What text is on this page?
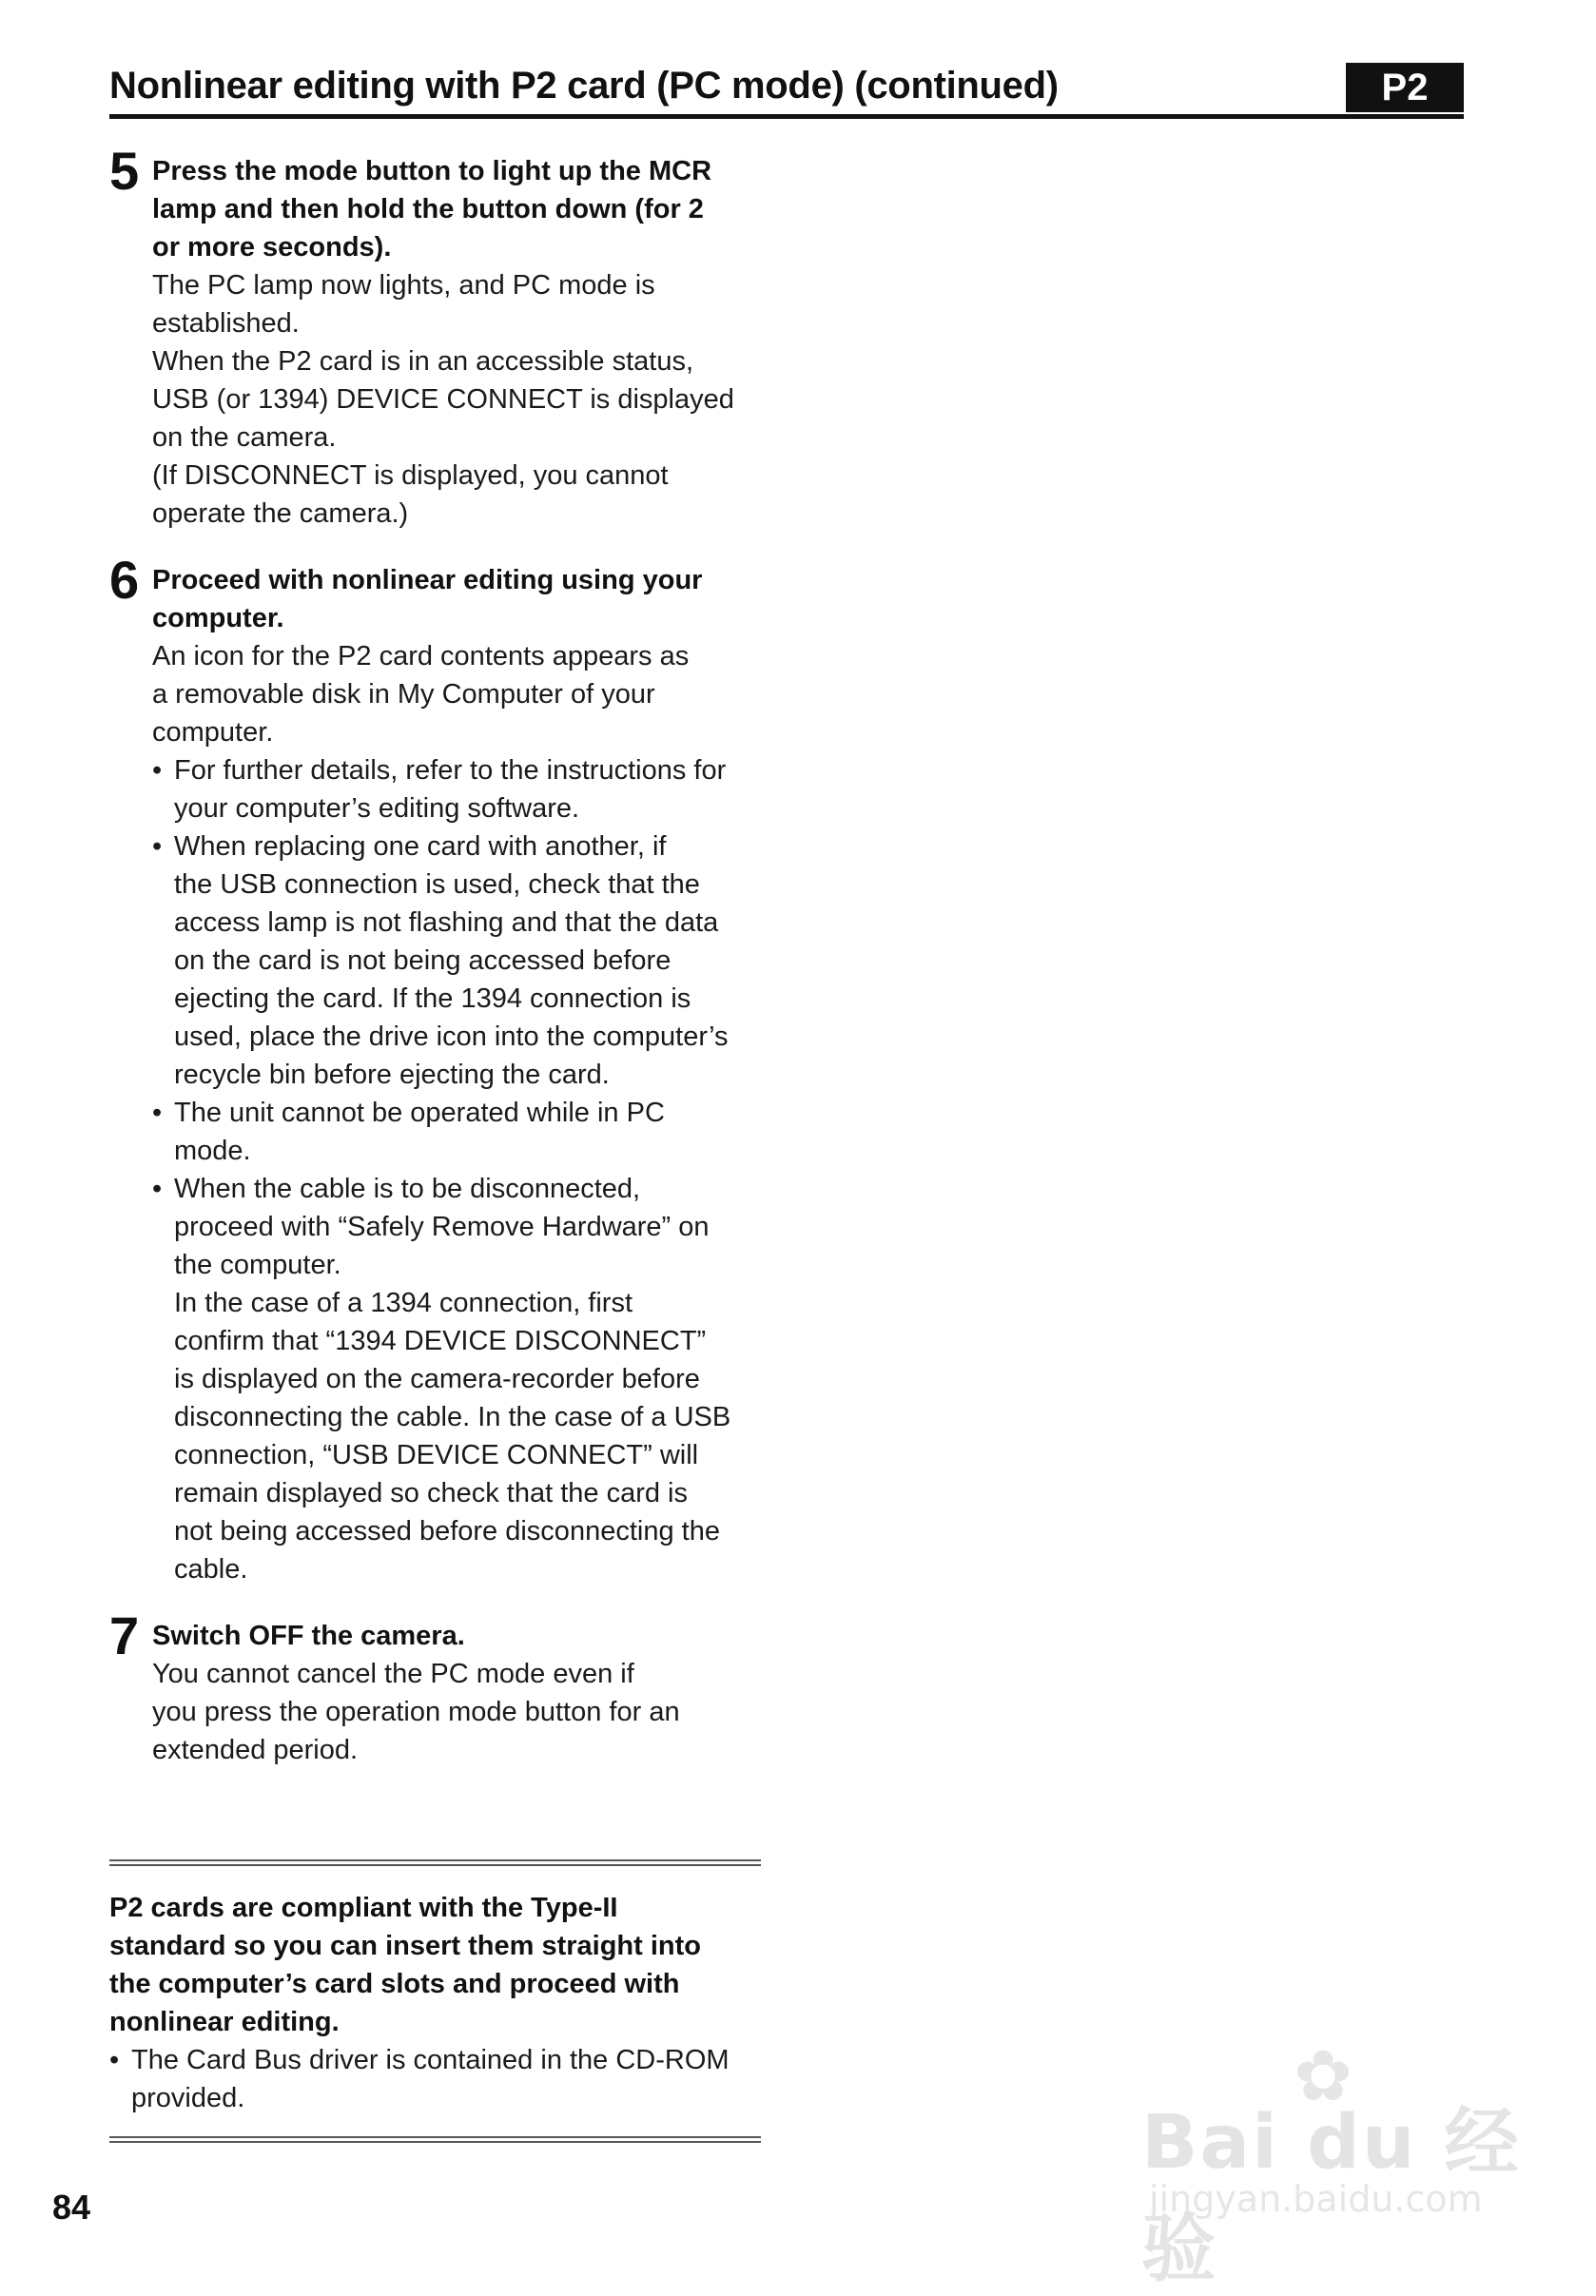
Nonlinear editing with P2 card (PC mode) (continued)	P2
5 Press the mode button to light up the MCR
lamp and then hold the button down (for 2
or more seconds).
The PC lamp now lights, and PC mode is
established.
When the P2 card is in an accessible status,
USB (or 1394) DEVICE CONNECT is displayed
on the camera.
(If DISCONNECT is displayed, you cannot
operate the camera.)
6 Proceed with nonlinear editing using your
computer.
An icon for the P2 card contents appears as
a removable disk in My Computer of your
computer.
• For further details, refer to the instructions for
your computer’s editing software.
• When replacing one card with another, if
the USB connection is used, check that the
access lamp is not flashing and that the data
on the card is not being accessed before
ejecting the card. If the 1394 connection is
used, place the drive icon into the computer’s
recycle bin before ejecting the card.
• The unit cannot be operated while in PC
mode.
• When the cable is to be disconnected,
proceed with “Safely Remove Hardware” on
the computer.
In the case of a 1394 connection, first
confirm that “1394 DEVICE DISCONNECT”
is displayed on the camera-recorder before
disconnecting the cable. In the case of a USB
connection, “USB DEVICE CONNECT” will
remain displayed so check that the card is
not being accessed before disconnecting the
cable.
7 Switch OFF the camera.
You cannot cancel the PC mode even if
you press the operation mode button for an
extended period.
P2 cards are compliant with the Type-II
standard so you can insert them straight into
the computer’s card slots and proceed with
nonlinear editing.
• The Card Bus driver is contained in the CD-ROM
provided.
84
✿
Bai du 经验
jingyan.baidu.com
